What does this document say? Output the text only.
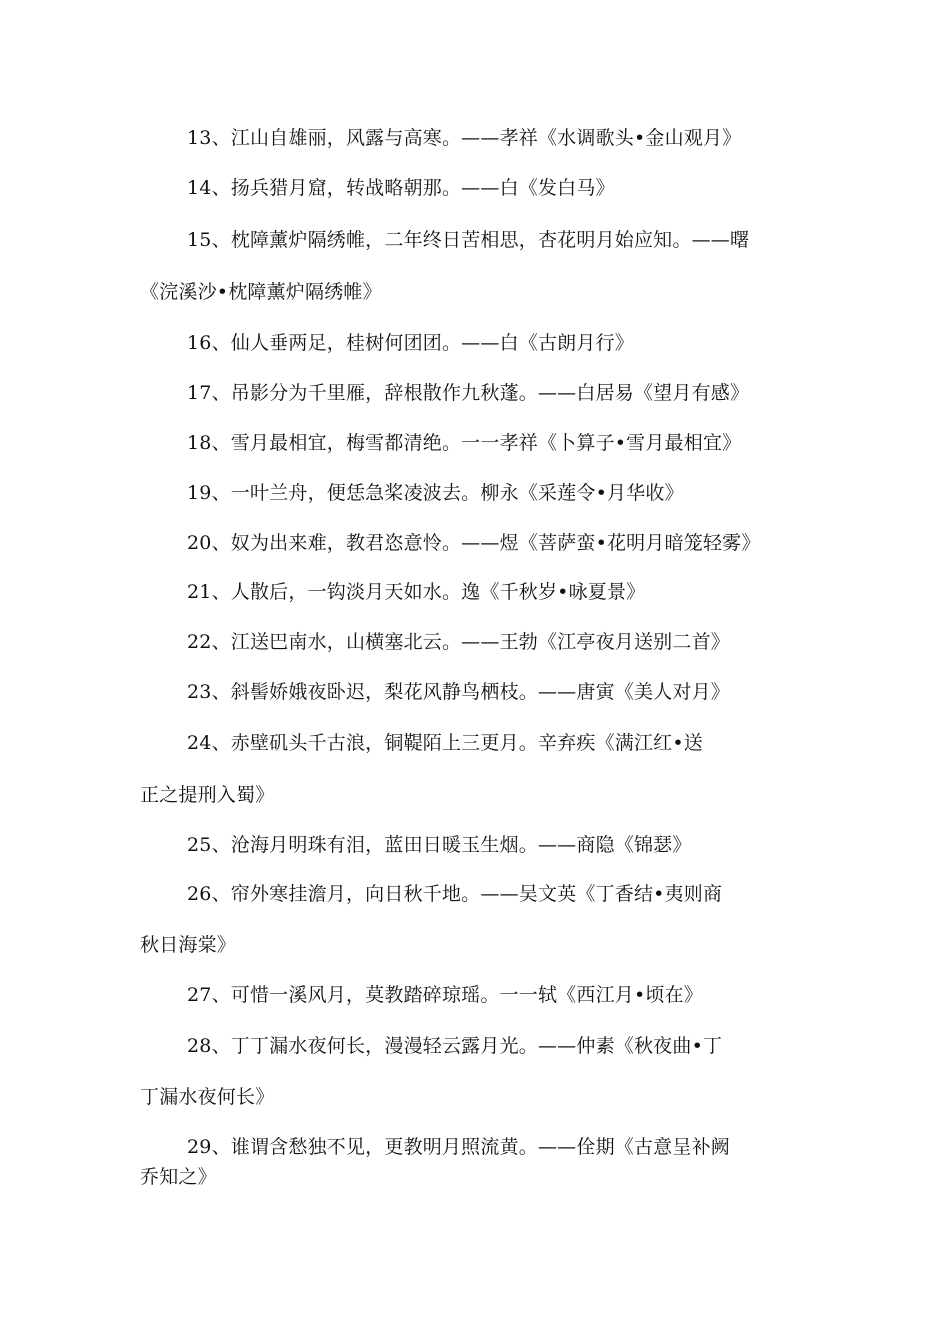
13、江山自雄丽，风露与高寒。——孝祥《水调歌头•金山观月》
14、扬兵猎月窟，转战略朝那。——白《发白马》
15、枕障薰炉隔绣帷，二年终日苦相思，杏花明月始应知。——曙
《浣溪沙•枕障薰炉隔绣帷》
16、仙人垂两足，桂树何团团。——白《古朗月行》
17、吊影分为千里雁，辞根散作九秋蓬。——白居易《望月有感》
18、雪月最相宜，梅雪都清绝。一一孝祥《卜算子•雪月最相宜》
19、一叶兰舟，便恁急桨凌波去。柳永《采莲令•月华收》
20、奴为出来难，教君恣意怜。——煜《菩萨蛮•花明月暗笼轻雾》
21、人散后，一钩淡月天如水。逸《千秋岁•咏夏景》
22、江送巴南水，山横塞北云。——王勃《江亭夜月送别二首》
23、斜髻娇娥夜卧迟，梨花风静鸟栖枝。——唐寅《美人对月》
24、赤壁矶头千古浪，铜鞮陌上三更月。辛弃疾《满江红•送
正之提刑入蜀》
25、沧海月明珠有泪，蓝田日暖玉生烟。——商隐《锦瑟》
26、帘外寒挂澹月，向日秋千地。——吴文英《丁香结•夷则商
秋日海棠》
27、可惜一溪风月，莫教踏碎琼瑶。一一轼《西江月•顷在》
28、丁丁漏水夜何长，漫漫轻云露月光。——仲素《秋夜曲•丁
丁漏水夜何长》
29、谁谓含愁独不见，更教明月照流黄。——佺期《古意呈补阙
乔知之》
